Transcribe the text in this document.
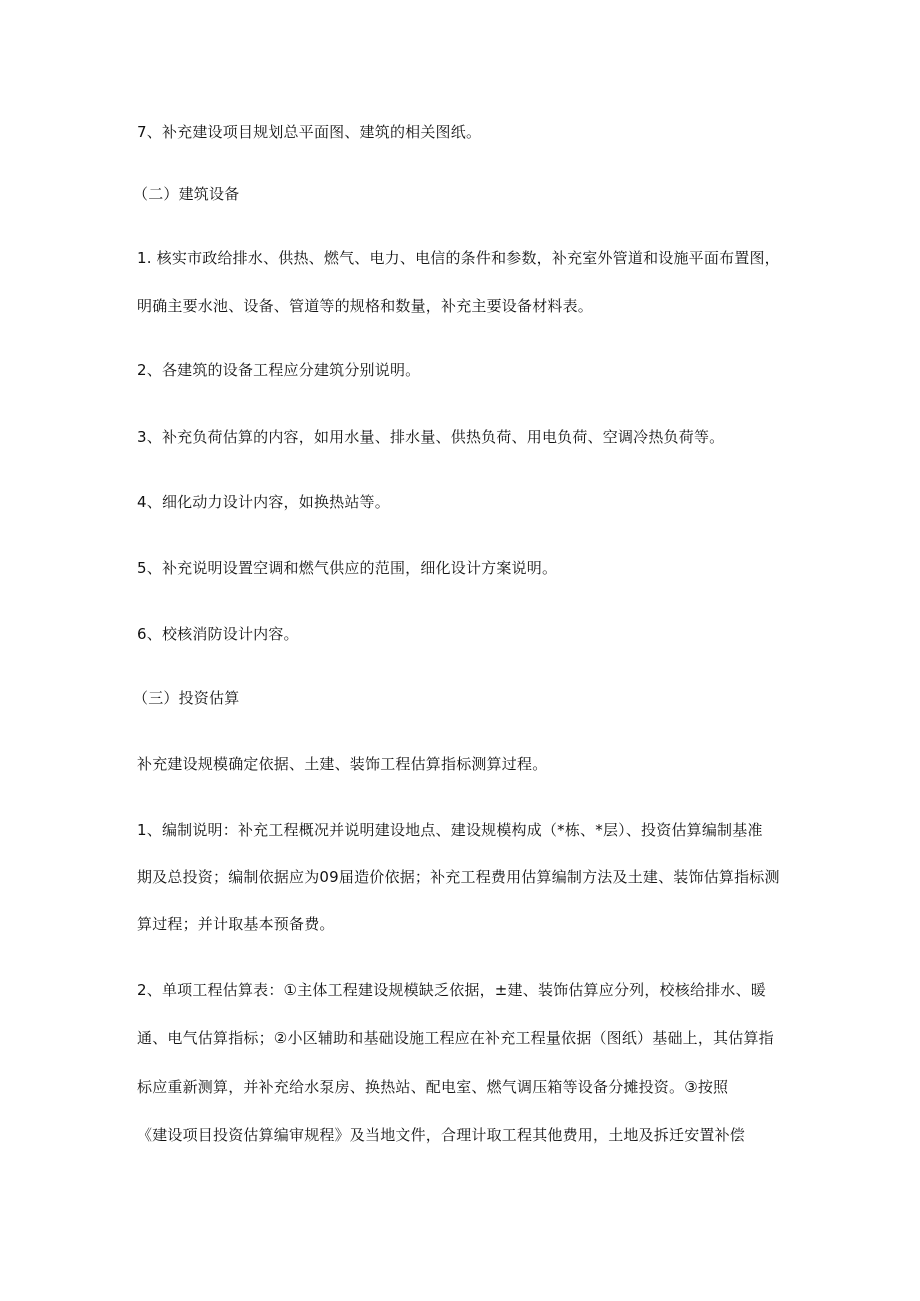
7、补充建设项目规划总平面图、建筑的相关图纸。
（二）建筑设备
1. 核实市政给排水、供热、燃气、电力、电信的条件和参数，补充室外管道和设施平面布置图，
明确主要水池、设备、管道等的规格和数量，补充主要设备材料表。
2、各建筑的设备工程应分建筑分别说明。
3、补充负荷估算的内容，如用水量、排水量、供热负荷、用电负荷、空调冷热负荷等。
4、细化动力设计内容，如换热站等。
5、补充说明设置空调和燃气供应的范围，细化设计方案说明。
6、校核消防设计内容。
（三）投资估算
补充建设规模确定依据、土建、装饰工程估算指标测算过程。
1、编制说明：补充工程概况并说明建设地点、建设规模构成（*栋、*层）、投资估算编制基准
期及总投资；编制依据应为09届造价依据；补充工程费用估算编制方法及土建、装饰估算指标测
算过程；并计取基本预备费。
2、单项工程估算表：①主体工程建设规模缺乏依据，±建、装饰估算应分列，校核给排水、暖
通、电气估算指标；②小区辅助和基础设施工程应在补充工程量依据（图纸）基础上，其估算指
标应重新测算，并补充给水泵房、换热站、配电室、燃气调压箱等设备分摊投资。③按照
《建设项目投资估算编审规程》及当地文件，合理计取工程其他费用，土地及拆迁安置补偿
